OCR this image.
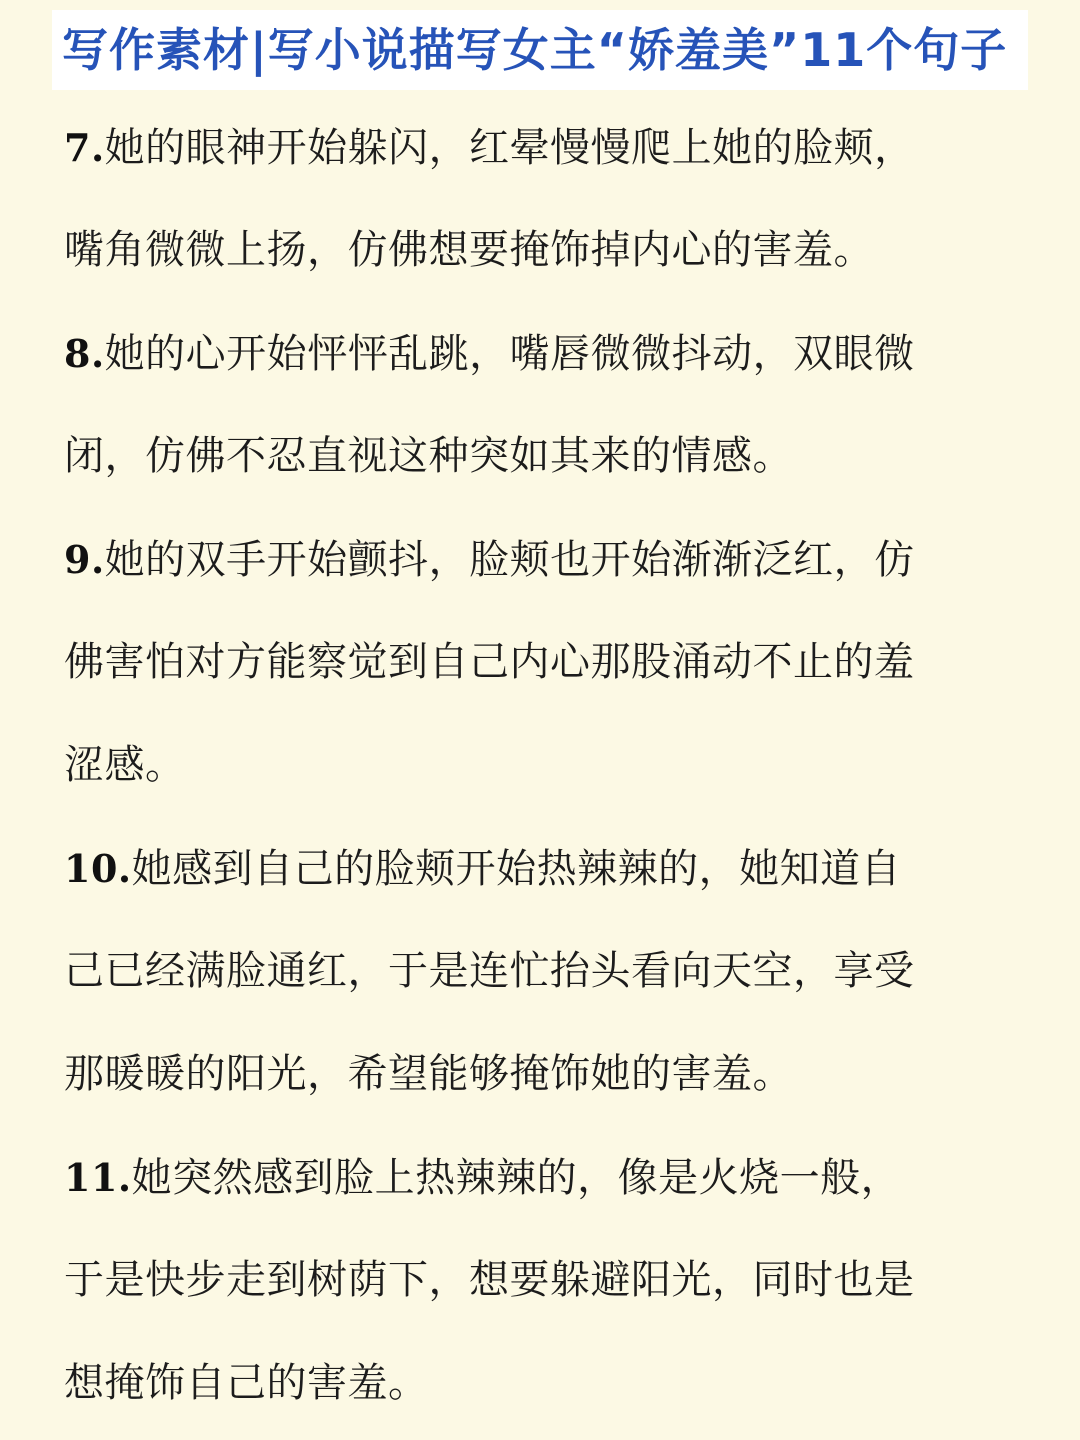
写作素材|写小说描写女主“娇羞美”11个句子
7.她的眼神开始躲闪，红晕慢慢爬上她的脸颊，
嘴角微微上扬，仿佛想要掩饰掉内心的害羞。
8.她的心开始怦怦乱跳，嘴唇微微抖动，双眼微
闭，仿佛不忍直视这种突如其来的情感。
9.她的双手开始颤抖，脸颊也开始渐渐泛红，仿
佛害怕对方能察觉到自己内心那股涌动不止的羞
涩感。
10.她感到自己的脸颊开始热辣辣的，她知道自
己已经满脸通红，于是连忙抬头看向天空，享受
那暖暖的阳光，希望能够掩饰她的害羞。
11.她突然感到脸上热辣辣的，像是火烧一般，
于是快步走到树荫下，想要躲避阳光，同时也是
想掩饰自己的害羞。
